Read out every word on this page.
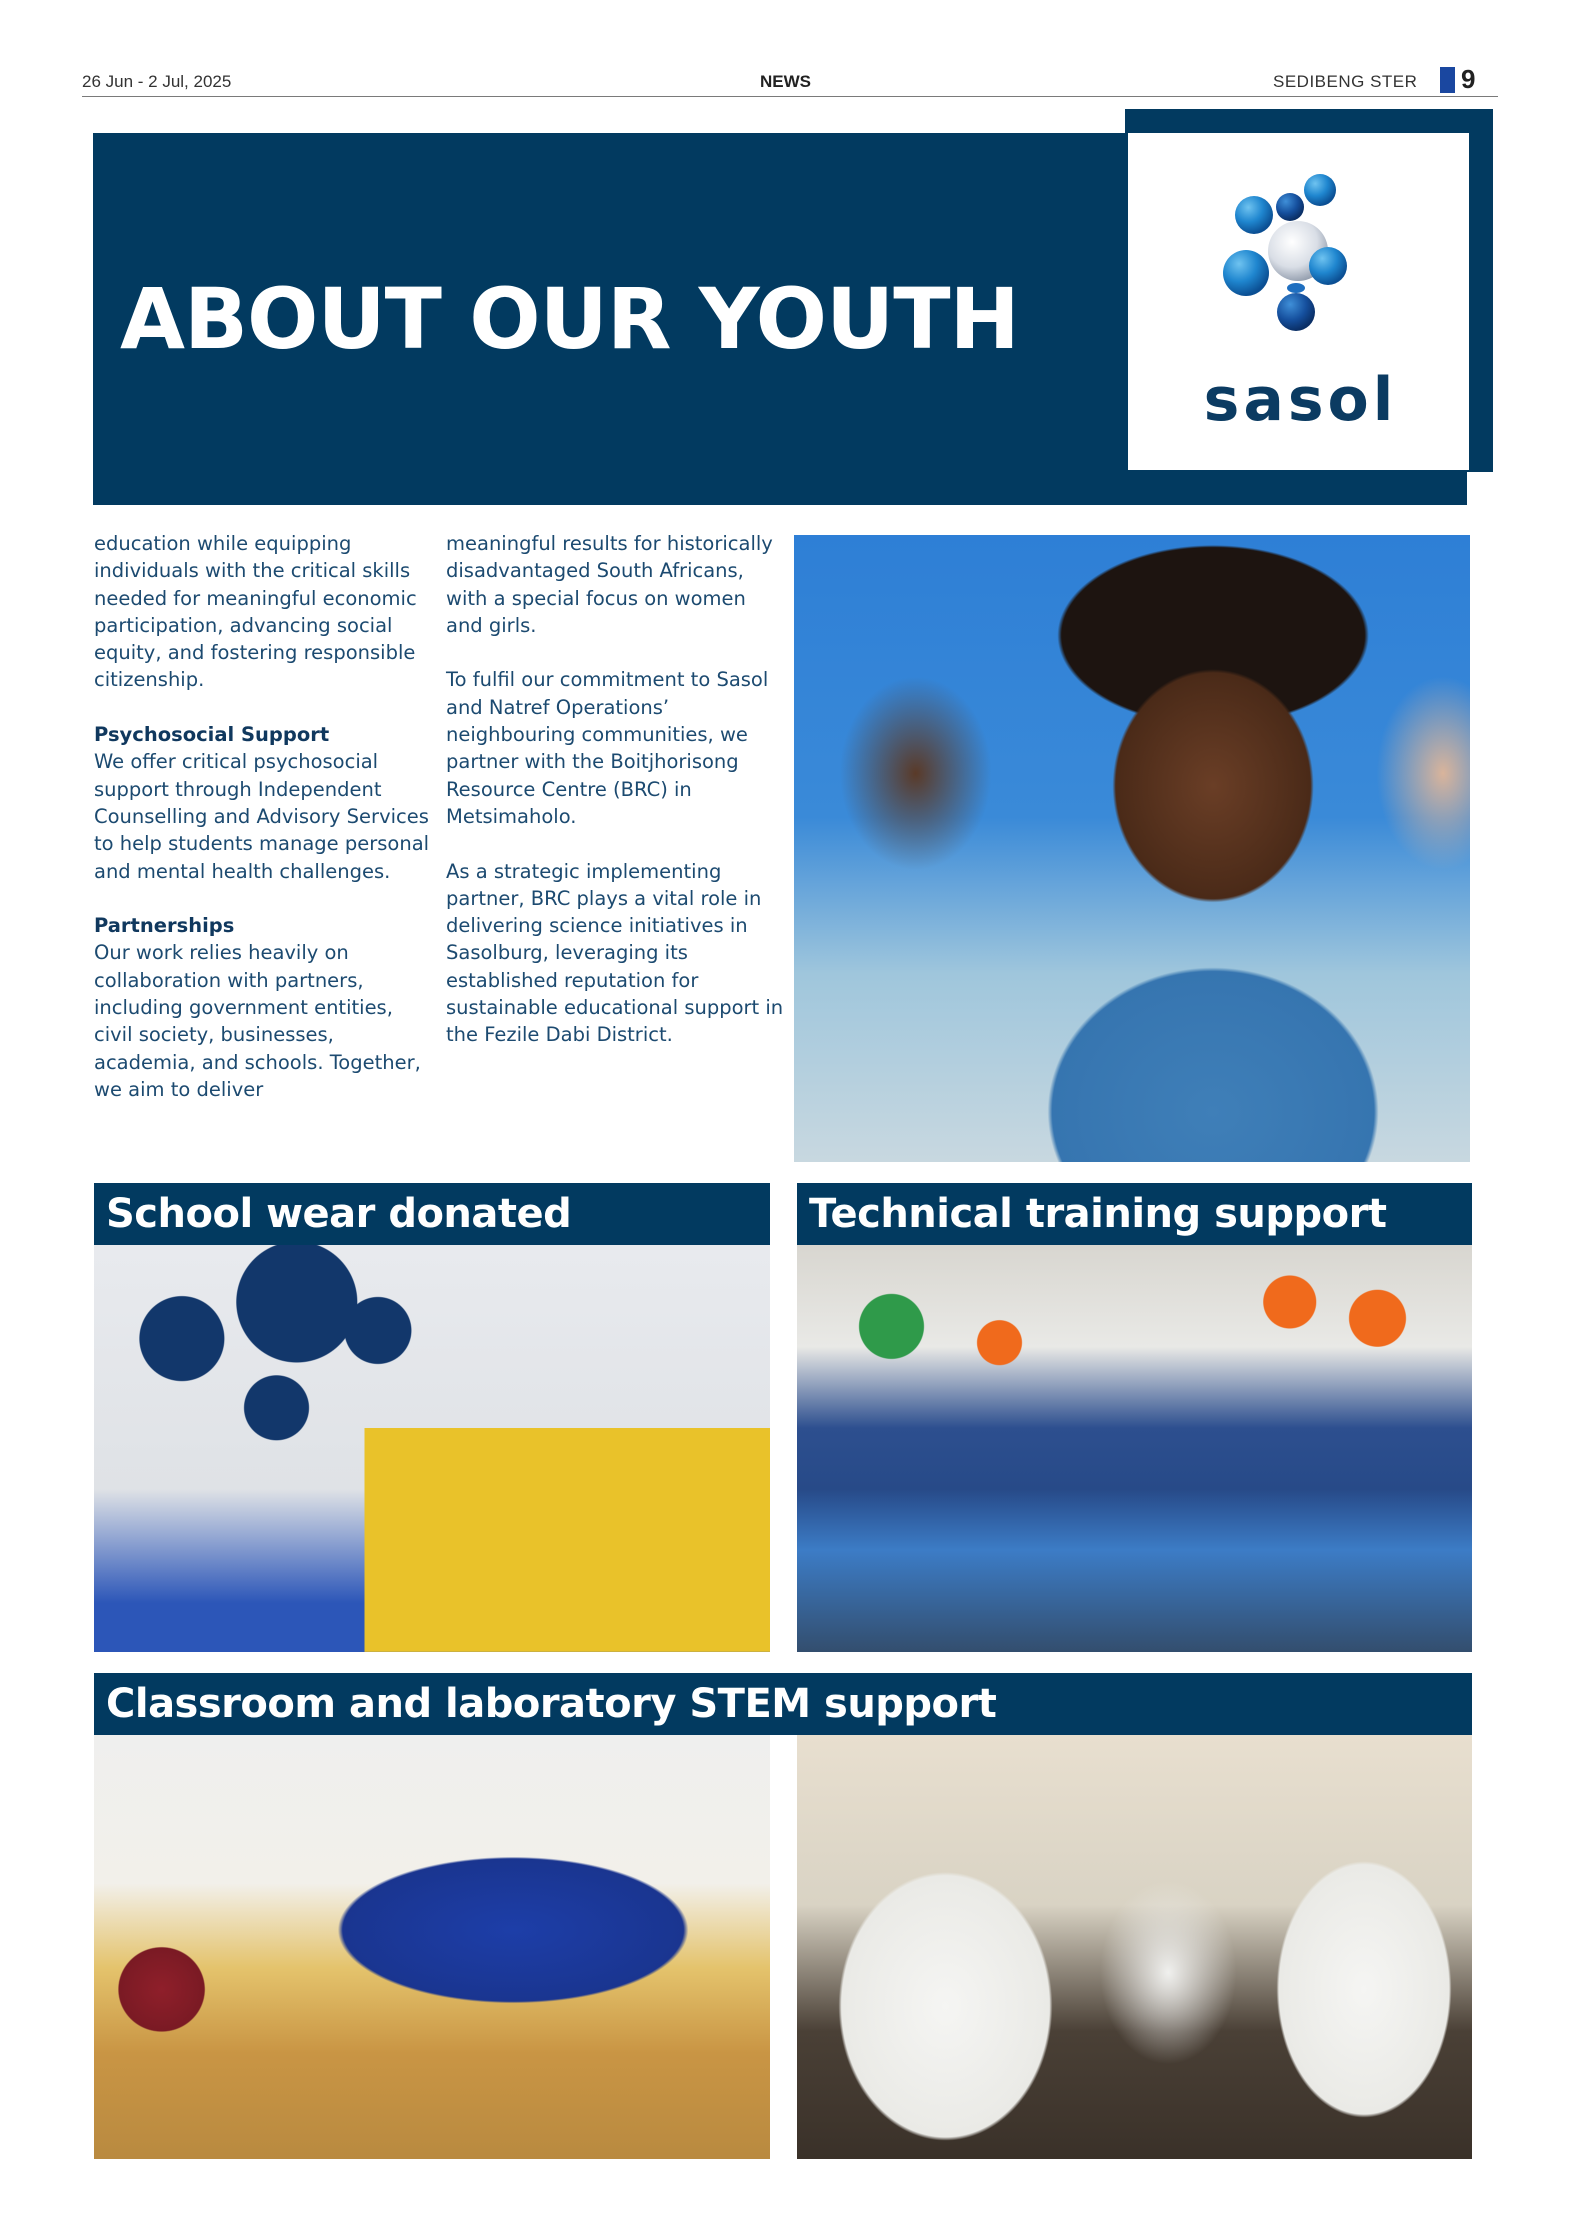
26 Jun - 2 Jul, 2025	NEWS	SEDIBENG STER 9
ABOUT OUR YOUTH
sasol

education while equipping individuals with the critical skills needed for meaningful economic participation, advancing social equity, and fostering responsible citizenship.

Psychosocial Support

We offer critical psychosocial support through Independent Counselling and Advisory Services to help students manage personal and mental health challenges.

Partnerships

Our work relies heavily on collaboration with partners, including government entities, civil society, businesses, academia, and schools. Together, we aim to deliver

meaningful results for historically disadvantaged South Africans, with a special focus on women and girls.

To fulfil our commitment to Sasol and Natref Operations’ neighbouring communities, we partner with the Boitjhorisong Resource Centre (BRC) in Metsimaholo.

As a strategic implementing partner, BRC plays a vital role in delivering science initiatives in Sasolburg, leveraging its established reputation for sustainable educational support in the Fezile Dabi District.

School wear donated	Technical training support
Classroom and laboratory STEM support
